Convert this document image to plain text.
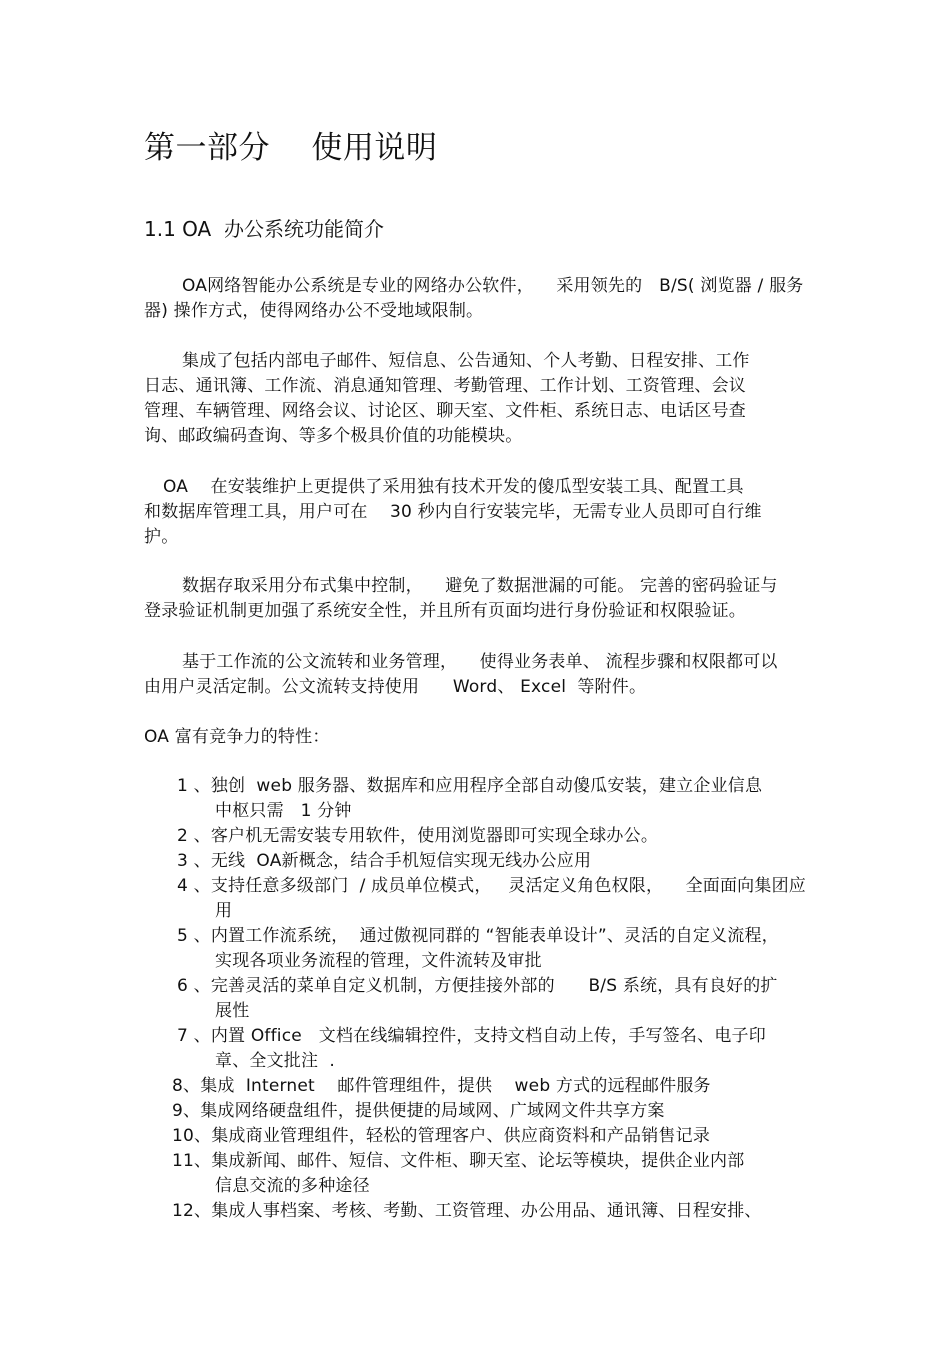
第一部分    使用说明
1.1 OA  办公系统功能简介
OA网络智能办公系统是专业的网络办公软件，    采用领先的   B/S( 浏览器 / 服务
器) 操作方式，使得网络办公不受地域限制。
集成了包括内部电子邮件、短信息、公告通知、个人考勤、日程安排、工作
日志、通讯簿、工作流、消息通知管理、考勤管理、工作计划、工资管理、会议
管理、车辆管理、网络会议、讨论区、聊天室、文件柜、系统日志、电话区号查
询、邮政编码查询、等多个极具价值的功能模块。
OA    在安装维护上更提供了采用独有技术开发的傻瓜型安装工具、配置工具
和数据库管理工具，用户可在    30 秒内自行安装完毕，无需专业人员即可自行维
护。
数据存取采用分布式集中控制，    避免了数据泄漏的可能。 完善的密码验证与
登录验证机制更加强了系统安全性，并且所有页面均进行身份验证和权限验证。
基于工作流的公文流转和业务管理，    使得业务表单、 流程步骤和权限都可以
由用户灵活定制。公文流转支持使用      Word、 Excel  等附件。
OA 富有竞争力的特性：
1 、独创  web 服务器、数据库和应用程序全部自动傻瓜安装，建立企业信息
中枢只需   1 分钟
2 、客户机无需安装专用软件，使用浏览器即可实现全球办公。
3 、无线  OA新概念，结合手机短信实现无线办公应用
4 、支持任意多级部门  / 成员单位模式，   灵活定义角色权限，    全面面向集团应
用
5 、内置工作流系统，  通过傲视同群的 “智能表单设计”、灵活的自定义流程，
实现各项业务流程的管理，文件流转及审批
6 、完善灵活的菜单自定义机制，方便挂接外部的      B/S 系统，具有良好的扩
展性
7 、内置 Office   文档在线编辑控件，支持文档自动上传，手写签名、电子印
章、全文批注  .
8、集成  Internet    邮件管理组件，提供    web 方式的远程邮件服务
9、集成网络硬盘组件，提供便捷的局域网、广域网文件共享方案
10、集成商业管理组件，轻松的管理客户、供应商资料和产品销售记录
11、集成新闻、邮件、短信、文件柜、聊天室、论坛等模块，提供企业内部
信息交流的多种途径
12、集成人事档案、考核、考勤、工资管理、办公用品、通讯簿、日程安排、
